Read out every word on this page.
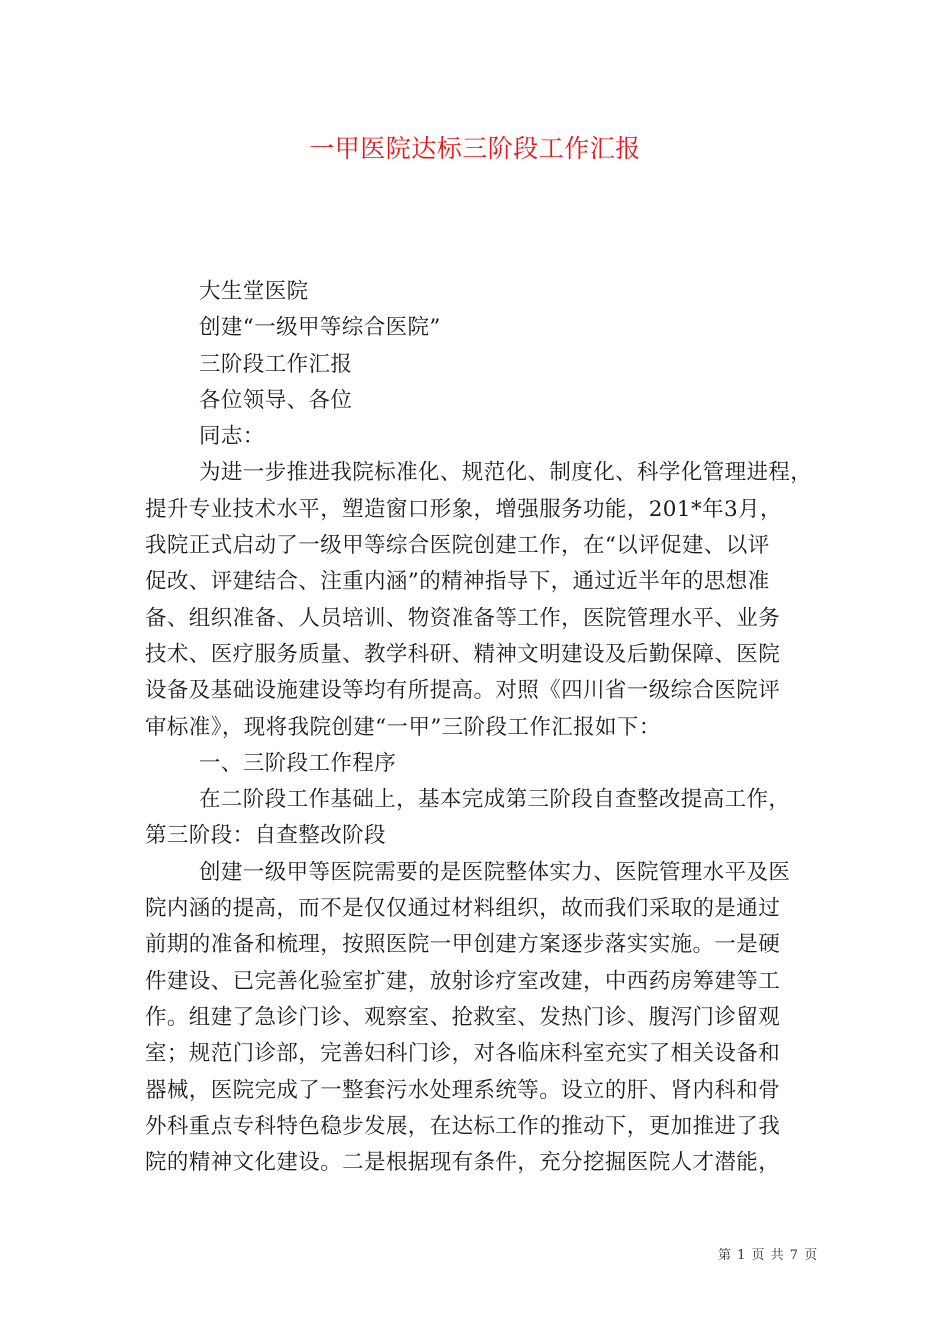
一甲医院达标三阶段工作汇报
大生堂医院
创建“一级甲等综合医院”
三阶段工作汇报
各位领导、各位
同志：
为进一步推进我院标准化、规范化、制度化、科学化管理进程，
提升专业技术水平，塑造窗口形象，增强服务功能，201*年3月，
我院正式启动了一级甲等综合医院创建工作，在“以评促建、以评
促改、评建结合、注重内涵”的精神指导下，通过近半年的思想准
备、组织准备、人员培训、物资准备等工作，医院管理水平、业务
技术、医疗服务质量、教学科研、精神文明建设及后勤保障、医院
设备及基础设施建设等均有所提高。对照《四川省一级综合医院评
审标准》，现将我院创建“一甲”三阶段工作汇报如下：
一、三阶段工作程序
在二阶段工作基础上，基本完成第三阶段自查整改提高工作，
第三阶段：自查整改阶段
创建一级甲等医院需要的是医院整体实力、医院管理水平及医
院内涵的提高，而不是仅仅通过材料组织，故而我们采取的是通过
前期的准备和梳理，按照医院一甲创建方案逐步落实实施。一是硬
件建设、已完善化验室扩建，放射诊疗室改建，中西药房筹建等工
作。组建了急诊门诊、观察室、抢救室、发热门诊、腹泻门诊留观
室；规范门诊部，完善妇科门诊，对各临床科室充实了相关设备和
器械，医院完成了一整套污水处理系统等。设立的肝、肾内科和骨
外科重点专科特色稳步发展，在达标工作的推动下，更加推进了我
院的精神文化建设。二是根据现有条件，充分挖掘医院人才潜能，
第 1 页 共 7 页
